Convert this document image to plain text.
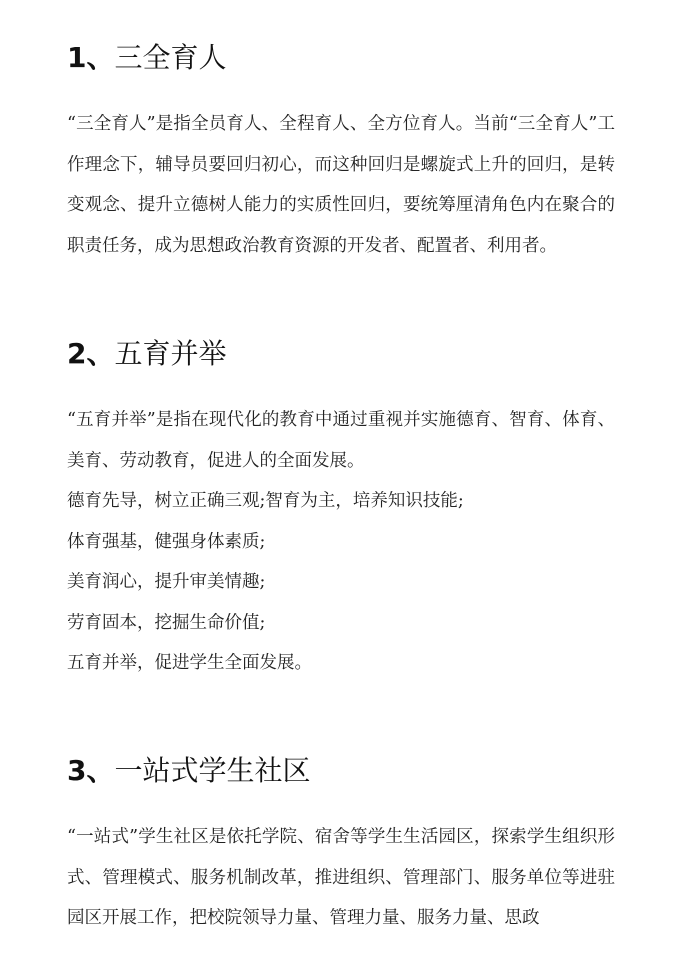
1、三全育人

“三全育人”是指全员育人、全程育人、全方位育人。当前“三全育人”工作理念下，辅导员要回归初心，而这种回归是螺旋式上升的回归，是转变观念、提升立德树人能力的实质性回归，要统筹厘清角色内在聚合的职责任务，成为思想政治教育资源的开发者、配置者、利用者。

2、五育并举

“五育并举”是指在现代化的教育中通过重视并实施德育、智育、体育、美育、劳动教育，促进人的全面发展。

德育先导，树立正确三观;智育为主，培养知识技能;

体育强基，健强身体素质;

美育润心，提升审美情趣;

劳育固本，挖掘生命价值;

五育并举，促进学生全面发展。

3、一站式学生社区

“一站式”学生社区是依托学院、宿舍等学生生活园区，探索学生组织形式、管理模式、服务机制改革，推进组织、管理部门、服务单位等进驻园区开展工作，把校院领导力量、管理力量、服务力量、思政
